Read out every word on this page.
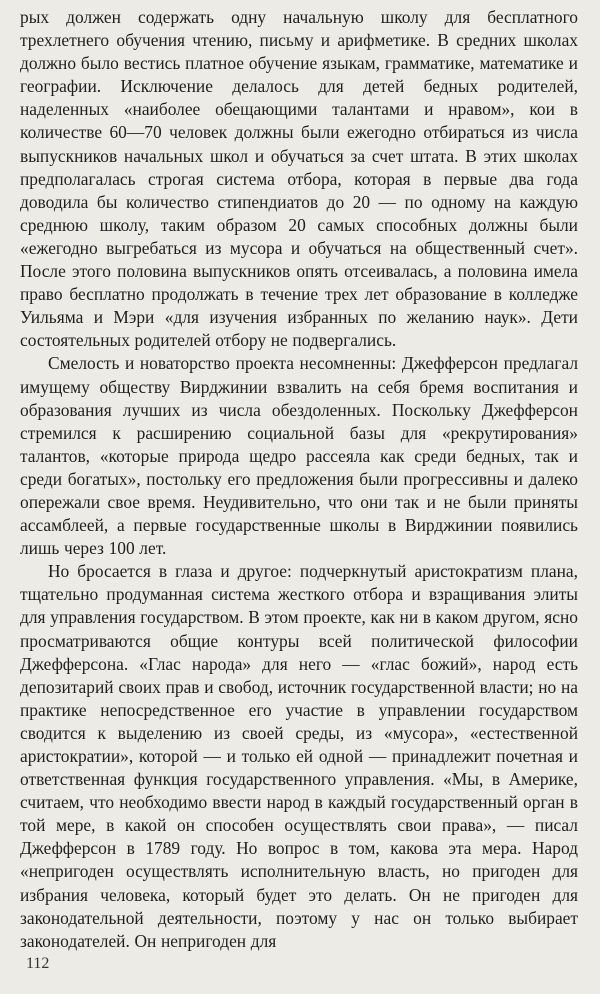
рых должен содержать одну начальную школу для бесплатного трехлетнего обучения чтению, письму и арифметике. В средних школах должно было вестись платное обучение языкам, грамматике, математике и географии. Исключение делалось для детей бедных родителей, наделенных «наиболее обещающими талантами и нравом», кои в количестве 60—70 человек должны были ежегодно отбираться из числа выпускников начальных школ и обучаться за счет штата. В этих школах предполагалась строгая система отбора, которая в первые два года доводила бы количество стипендиатов до 20 — по одному на каждую среднюю школу, таким образом 20 самых способных должны были «ежегодно выгребаться из мусора и обучаться на общественный счет». После этого половина выпускников опять отсеивалась, а половина имела право бесплатно продолжать в течение трех лет образование в колледже Уильяма и Мэри «для изучения избранных по желанию наук». Дети состоятельных родителей отбору не подвергались.

Смелость и новаторство проекта несомненны: Джефферсон предлагал имущему обществу Вирджинии взвалить на себя бремя воспитания и образования лучших из числа обездоленных. Поскольку Джефферсон стремился к расширению социальной базы для «рекрутирования» талантов, «которые природа щедро рассеяла как среди бедных, так и среди богатых», постольку его предложения были прогрессивны и далеко опережали свое время. Неудивительно, что они так и не были приняты ассамблеей, а первые государственные школы в Вирджинии появились лишь через 100 лет.

Но бросается в глаза и другое: подчеркнутый аристократизм плана, тщательно продуманная система жесткого отбора и взращивания элиты для управления государством. В этом проекте, как ни в каком другом, ясно просматриваются общие контуры всей политической философии Джефферсона. «Глас народа» для него — «глас божий», народ есть депозитарий своих прав и свобод, источник государственной власти; но на практике непосредственное его участие в управлении государством сводится к выделению из своей среды, из «мусора», «естественной аристократии», которой — и только ей одной — принадлежит почетная и ответственная функция государственного управления. «Мы, в Америке, считаем, что необходимо ввести народ в каждый государственный орган в той мере, в какой он способен осуществлять свои права», — писал Джефферсон в 1789 году. Но вопрос в том, какова эта мера. Народ «непригоден осуществлять исполнительную власть, но пригоден для избрания человека, который будет это делать. Он не пригоден для законодательной деятельности, поэтому у нас он только выбирает законодателей. Он непригоден для

112
